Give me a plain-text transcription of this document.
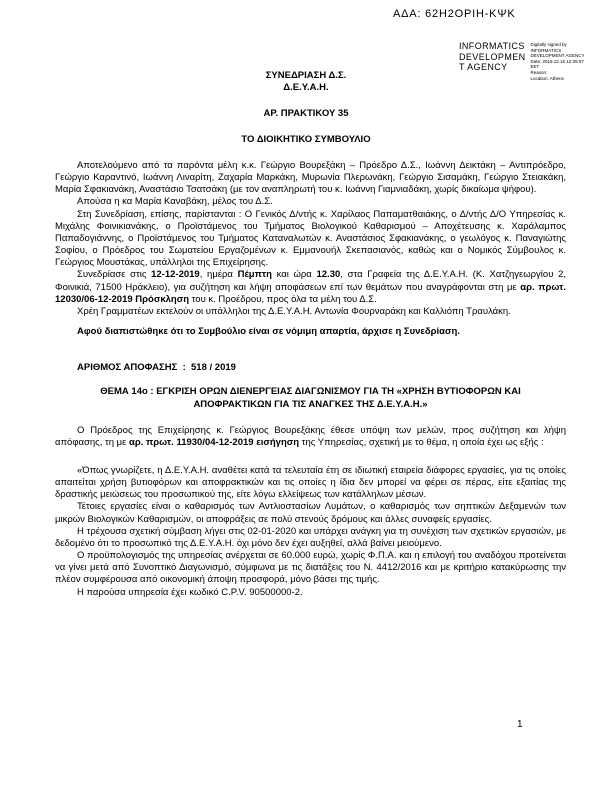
ΑΔΑ: 62Η2ΟΡΙΗ-ΚΨΚ
INFORMATICS
DEVELOPMEN
T AGENCY
Digitally signed by
INFORMATICS
DEVELOPMENT AGENCY
Date: 2019.12.16 12:25:07
EET
Reason:
Location: Athens
ΣΥΝΕΔΡΙΑΣΗ Δ.Σ.
Δ.Ε.Υ.Α.Η.
ΑΡ. ΠΡΑΚΤΙΚΟΥ 35
ΤΟ ΔΙΟΙΚΗΤΙΚΟ ΣΥΜΒΟΥΛΙΟ

Αποτελούμενο από τα παρόντα μέλη κ.κ. Γεώργιο Βουρεξάκη – Πρόεδρο Δ.Σ., Ιωάννη Δεικτάκη – Αντιπρόεδρο, Γεώργιο Καραντινό, Ιωάννη Λιναρίτη, Ζαχαρία Μαρκάκη, Μυρωνία Πλερωνάκη, Γεώργιο Σισαμάκη, Γεώργιο Στειακάκη, Μαρία Σφακιανάκη, Αναστάσιο Τσατσάκη (με τον αναπληρωτή του κ. Ιωάννη Γιαμνιαδάκη, χωρίς δικαίωμα ψήφου).

Απούσα η κα Μαρία Καναβάκη, μέλος του Δ.Σ.

Στη Συνεδρίαση, επίσης, παρίστανται : Ο Γενικός Δ/ντής κ. Χαρίλαος Παπαματθαιάκης, ο Δ/ντής Δ/Ο Υπηρεσίας κ. Μιχάλης Φοινικιανάκης, ο Προϊστάμενος του Τμήματος Βιολογικού Καθαρισμού – Αποχέτευσης κ. Χαράλαμπος Παπαδογιάννης, ο Προϊστάμενος του Τμήματος Καταναλωτών κ. Αναστάσιος Σφακιανάκης, ο γεωλόγος κ. Παναγιώτης Σοφίου, ο Πρόεδρος του Σωματείου Εργαζομένων κ. Εμμανουήλ Σκεπασιανός, καθώς και ο Νομικός Σύμβουλος κ. Γεώργιος Μουστάκας, υπάλληλοι της Επιχείρησης.

Συνεδρίασε στις 12-12-2019, ημέρα Πέμπτη και ώρα 12.30, στα Γραφεία της Δ.Ε.Υ.Α.Η. (Κ. Χατζηγεωργίου 2, Φοινικιά, 71500 Ηράκλειο), για συζήτηση και λήψη αποφάσεων επί των θεμάτων που αναγράφονται στη με αρ. πρωτ. 12030/06-12-2019 Πρόσκληση του κ. Προέδρου, προς όλα τα μέλη του Δ.Σ.

Χρέη Γραμματέων εκτελούν οι υπάλληλοι της Δ.Ε.Υ.Α.Η. Αντωνία Φουρναράκη και Καλλιόπη Τραυλάκη.

Αφού διαπιστώθηκε ότι το Συμβούλιο είναι σε νόμιμη απαρτία, άρχισε η Συνεδρίαση.

ΑΡΙΘΜΟΣ ΑΠΟΦΑΣΗΣ  :  518 / 2019

ΘΕΜΑ 14ο : ΕΓΚΡΙΣΗ ΟΡΩΝ ΔΙΕΝΕΡΓΕΙΑΣ ΔΙΑΓΩΝΙΣΜΟΥ ΓΙΑ ΤΗ «ΧΡΗΣΗ ΒΥΤΙΟΦΟΡΩΝ ΚΑΙ ΑΠΟΦΡΑΚΤΙΚΩΝ ΓΙΑ ΤΙΣ ΑΝΑΓΚΕΣ ΤΗΣ Δ.Ε.Υ.Α.Η.»

Ο Πρόεδρος της Επιχείρησης κ. Γεώργιος Βουρεξάκης έθεσε υπόψη των μελών, προς συζήτηση και λήψη απόφασης, τη με αρ. πρωτ. 11930/04-12-2019 εισήγηση της Υπηρεσίας, σχετική με το θέμα, η οποία έχει ως εξής :

«Όπως γνωρίζετε, η Δ.Ε.Υ.Α.Η. αναθέτει κατά τα τελευταία έτη σε ιδιωτική εταιρεία διάφορες εργασίες, για τις οποίες απαιτείται χρήση βυτιοφόρων και αποφρακτικών και τις οποίες η ίδια δεν μπορεί να φέρει σε πέρας, είτε εξαιτίας της δραστικής μειώσεως του προσωπικού της, είτε λόγω ελλείψεως των κατάλληλων μέσων.

Τέτοιες εργασίες είναι ο καθαρισμός των Αντλιοστασίων Λυμάτων, ο καθαρισμός των σηπτικών Δεξαμενών των μικρών Βιολογικών Καθαρισμών, οι αποφράξεις σε πολύ στενούς δρόμους και άλλες συναφείς εργασίες.

Η τρέχουσα σχετική σύμβαση λήγει στις 02-01-2020 και υπάρχει ανάγκη για τη συνέχιση των σχετικών εργασιών, με δεδομένο ότι το προσωπικό της Δ.Ε.Υ.Α.Η. όχι μόνο δεν έχει αυξηθεί, αλλά βαίνει μειούμενο.

Ο προϋπολογισμός της υπηρεσίας ανέρχεται σε 60.000 ευρώ, χωρίς Φ.Π.Α. και η επιλογή του αναδόχου προτείνεται να γίνει μετά από Συνοπτικό Διαγωνισμό, σύμφωνα με τις διατάξεις του Ν. 4412/2016 και με κριτήριο κατακύρωσης την πλέον συμφέρουσα από οικονομική άποψη προσφορά, μόνο βάσει της τιμής.

Η παρούσα υπηρεσία έχει κωδικό C.P.V. 90500000-2.

1
